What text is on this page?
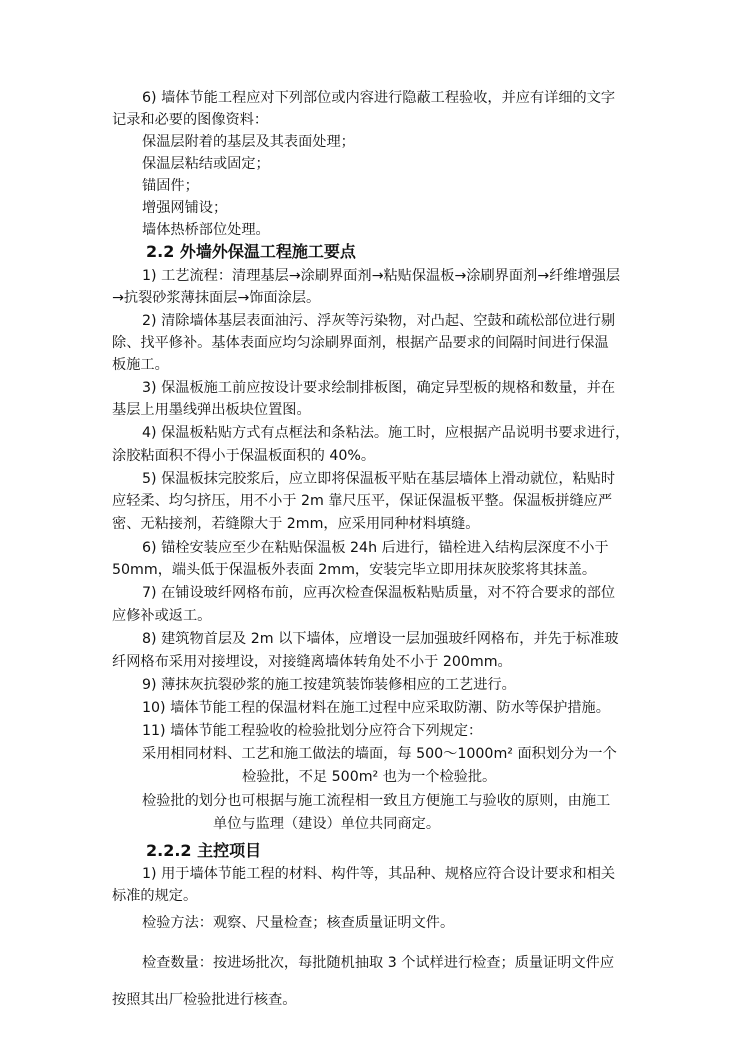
6) 墙体节能工程应对下列部位或内容进行隐蔽工程验收，并应有详细的文字
记录和必要的图像资料：
保温层附着的基层及其表面处理；
保温层粘结或固定；
锚固件；
增强网铺设；
墙体热桥部位处理。
2.2 外墙外保温工程施工要点
1) 工艺流程：清理基层→涂刷界面剂→粘贴保温板→涂刷界面剂→纤维增强层
→抗裂砂浆薄抹面层→饰面涂层。
2) 清除墙体基层表面油污、浮灰等污染物，对凸起、空鼓和疏松部位进行剔
除、找平修补。基体表面应均匀涂刷界面剂，根据产品要求的间隔时间进行保温
板施工。
3) 保温板施工前应按设计要求绘制排板图，确定异型板的规格和数量，并在
基层上用墨线弹出板块位置图。
4) 保温板粘贴方式有点框法和条粘法。施工时，应根据产品说明书要求进行，
涂胶粘面积不得小于保温板面积的 40%。
5) 保温板抹完胶浆后，应立即将保温板平贴在基层墙体上滑动就位，粘贴时
应轻柔、均匀挤压，用不小于 2m 靠尺压平，保证保温板平整。保温板拼缝应严
密、无粘接剂，若缝隙大于 2mm，应采用同种材料填缝。
6) 锚栓安装应至少在粘贴保温板 24h 后进行，锚栓进入结构层深度不小于
50mm，端头低于保温板外表面 2mm，安装完毕立即用抹灰胶浆将其抹盖。
7) 在铺设玻纤网格布前，应再次检查保温板粘贴质量，对不符合要求的部位
应修补或返工。
8) 建筑物首层及 2m 以下墙体，应增设一层加强玻纤网格布，并先于标准玻
纤网格布采用对接埋设，对接缝离墙体转角处不小于 200mm。
9) 薄抹灰抗裂砂浆的施工按建筑装饰装修相应的工艺进行。
10) 墙体节能工程的保温材料在施工过程中应采取防潮、防水等保护措施。
11) 墙体节能工程验收的检验批划分应符合下列规定：
采用相同材料、工艺和施工做法的墙面，每 500～1000m² 面积划分为一个
检验批，不足 500m² 也为一个检验批。
检验批的划分也可根据与施工流程相一致且方便施工与验收的原则，由施工
单位与监理（建设）单位共同商定。
2.2.2 主控项目
1) 用于墙体节能工程的材料、构件等，其品种、规格应符合设计要求和相关
标准的规定。
检验方法：观察、尺量检查；核查质量证明文件。
检查数量：按进场批次，每批随机抽取 3 个试样进行检查；质量证明文件应
按照其出厂检验批进行核查。
